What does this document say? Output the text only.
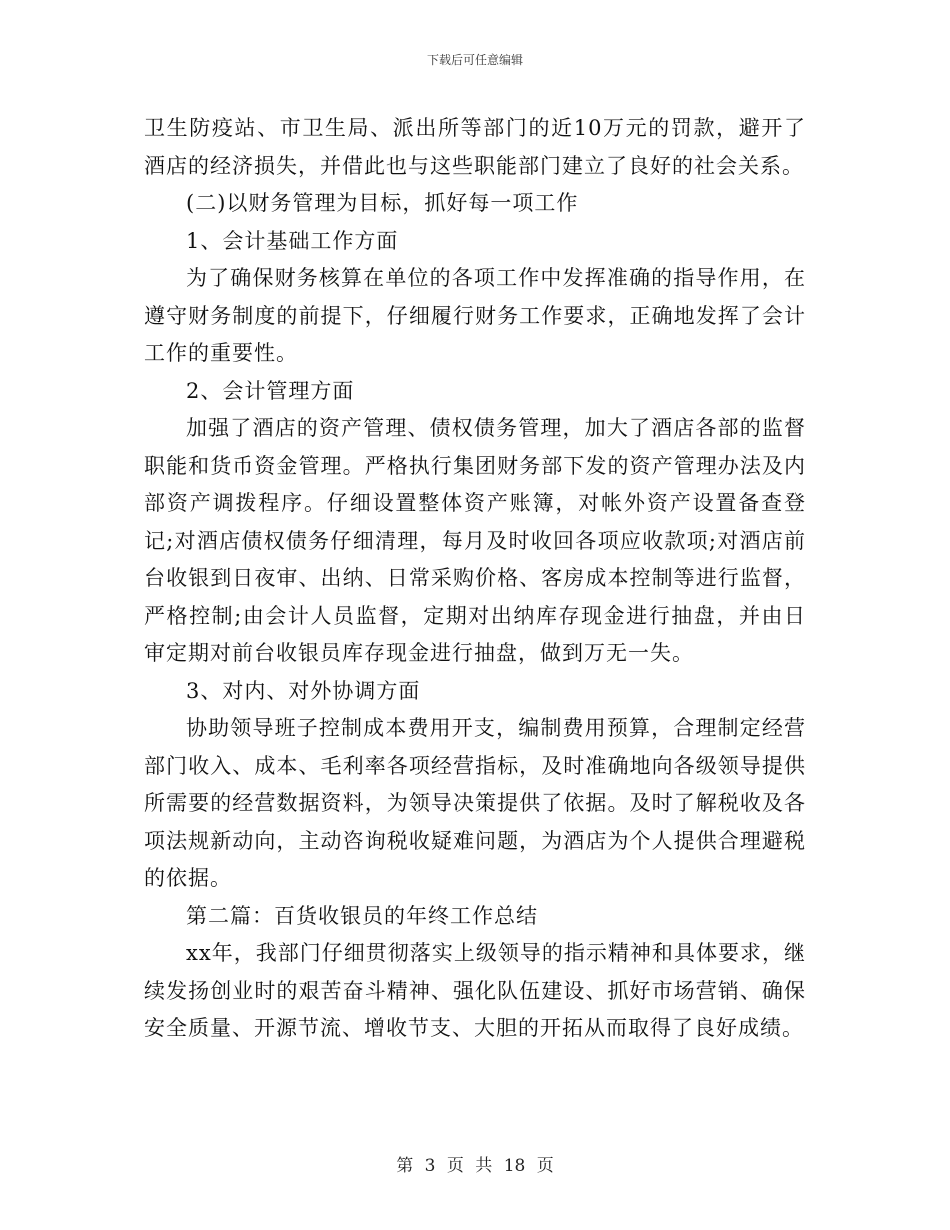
下载后可任意编辑

卫生防疫站、市卫生局、派出所等部门的近10万元的罚款，避开了酒店的经济损失，并借此也与这些职能部门建立了良好的社会关系。

(二)以财务管理为目标，抓好每一项工作

1、会计基础工作方面

为了确保财务核算在单位的各项工作中发挥准确的指导作用，在遵守财务制度的前提下，仔细履行财务工作要求，正确地发挥了会计工作的重要性。

2、会计管理方面

加强了酒店的资产管理、债权债务管理，加大了酒店各部的监督职能和货币资金管理。严格执行集团财务部下发的资产管理办法及内部资产调拨程序。仔细设置整体资产账簿，对帐外资产设置备查登记;对酒店债权债务仔细清理，每月及时收回各项应收款项;对酒店前台收银到日夜审、出纳、日常采购价格、客房成本控制等进行监督，严格控制;由会计人员监督，定期对出纳库存现金进行抽盘，并由日审定期对前台收银员库存现金进行抽盘，做到万无一失。

3、对内、对外协调方面

协助领导班子控制成本费用开支，编制费用预算，合理制定经营部门收入、成本、毛利率各项经营指标，及时准确地向各级领导提供所需要的经营数据资料，为领导决策提供了依据。及时了解税收及各项法规新动向，主动咨询税收疑难问题，为酒店为个人提供合理避税的依据。

第二篇：百货收银员的年终工作总结

xx年，我部门仔细贯彻落实上级领导的指示精神和具体要求，继续发扬创业时的艰苦奋斗精神、强化队伍建设、抓好市场营销、确保安全质量、开源节流、增收节支、大胆的开拓从而取得了良好成绩。

第 3 页 共 18 页
